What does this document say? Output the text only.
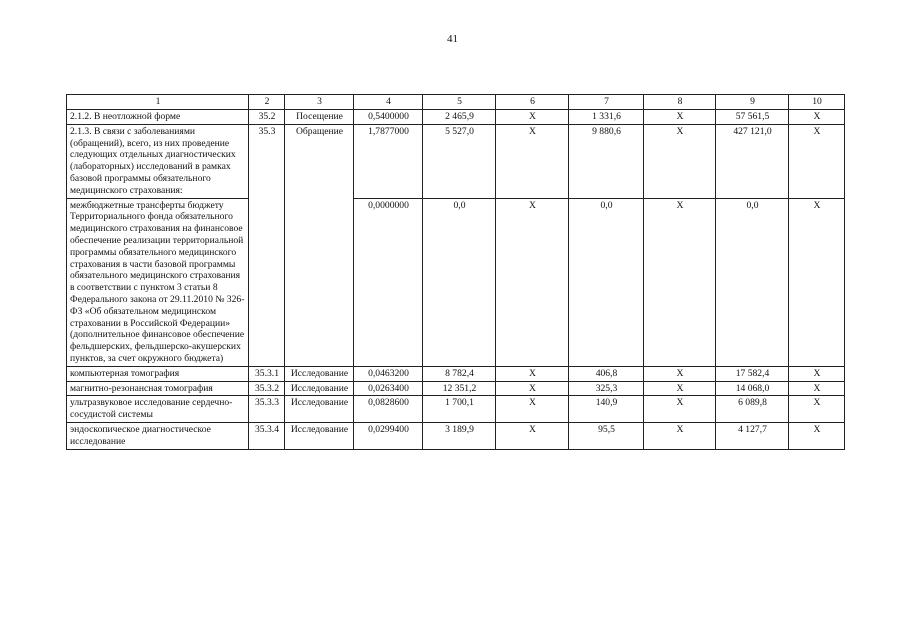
41
1	2	3	4	5	6	7	8	9	10
2.1.2. В неотложной форме	35.2	Посещение	0,5400000	2 465,9	X	1 331,6	X	57 561,5	X
2.1.3. В связи с заболеваниями (обращений), всего, из них проведение следующих отдельных диагностических (лабораторных) исследований в рамках базовой программы обязательного медицинского страхования:	35.3	Обращение	1,7877000	5 527,0	X	9 880,6	X	427 121,0	X
межбюджетные трансферты бюджету Территориального фонда обязательного медицинского страхования на финансовое обеспечение реализации территориальной программы обязательного медицинского страхования в части базовой программы обязательного медицинского страхования в соответствии с пунктом 3 статьи 8 Федерального закона от 29.11.2010 № 326-ФЗ «Об обязательном медицинском страховании в Российской Федерации» (дополнительное финансовое обеспечение фельдшерских, фельдшерско-акушерских пунктов, за счет окружного бюджета)			0,0000000	0,0	X	0,0	X	0,0	X
компьютерная томография	35.3.1	Исследование	0,0463200	8 782,4	X	406,8	X	17 582,4	X
магнитно-резонансная томография	35.3.2	Исследование	0,0263400	12 351,2	X	325,3	X	14 068,0	X
ультразвуковое исследование сердечно-сосудистой системы	35.3.3	Исследование	0,0828600	1 700,1	X	140,9	X	6 089,8	X
эндоскопическое диагностическое исследование	35.3.4	Исследование	0,0299400	3 189,9	X	95,5	X	4 127,7	X
